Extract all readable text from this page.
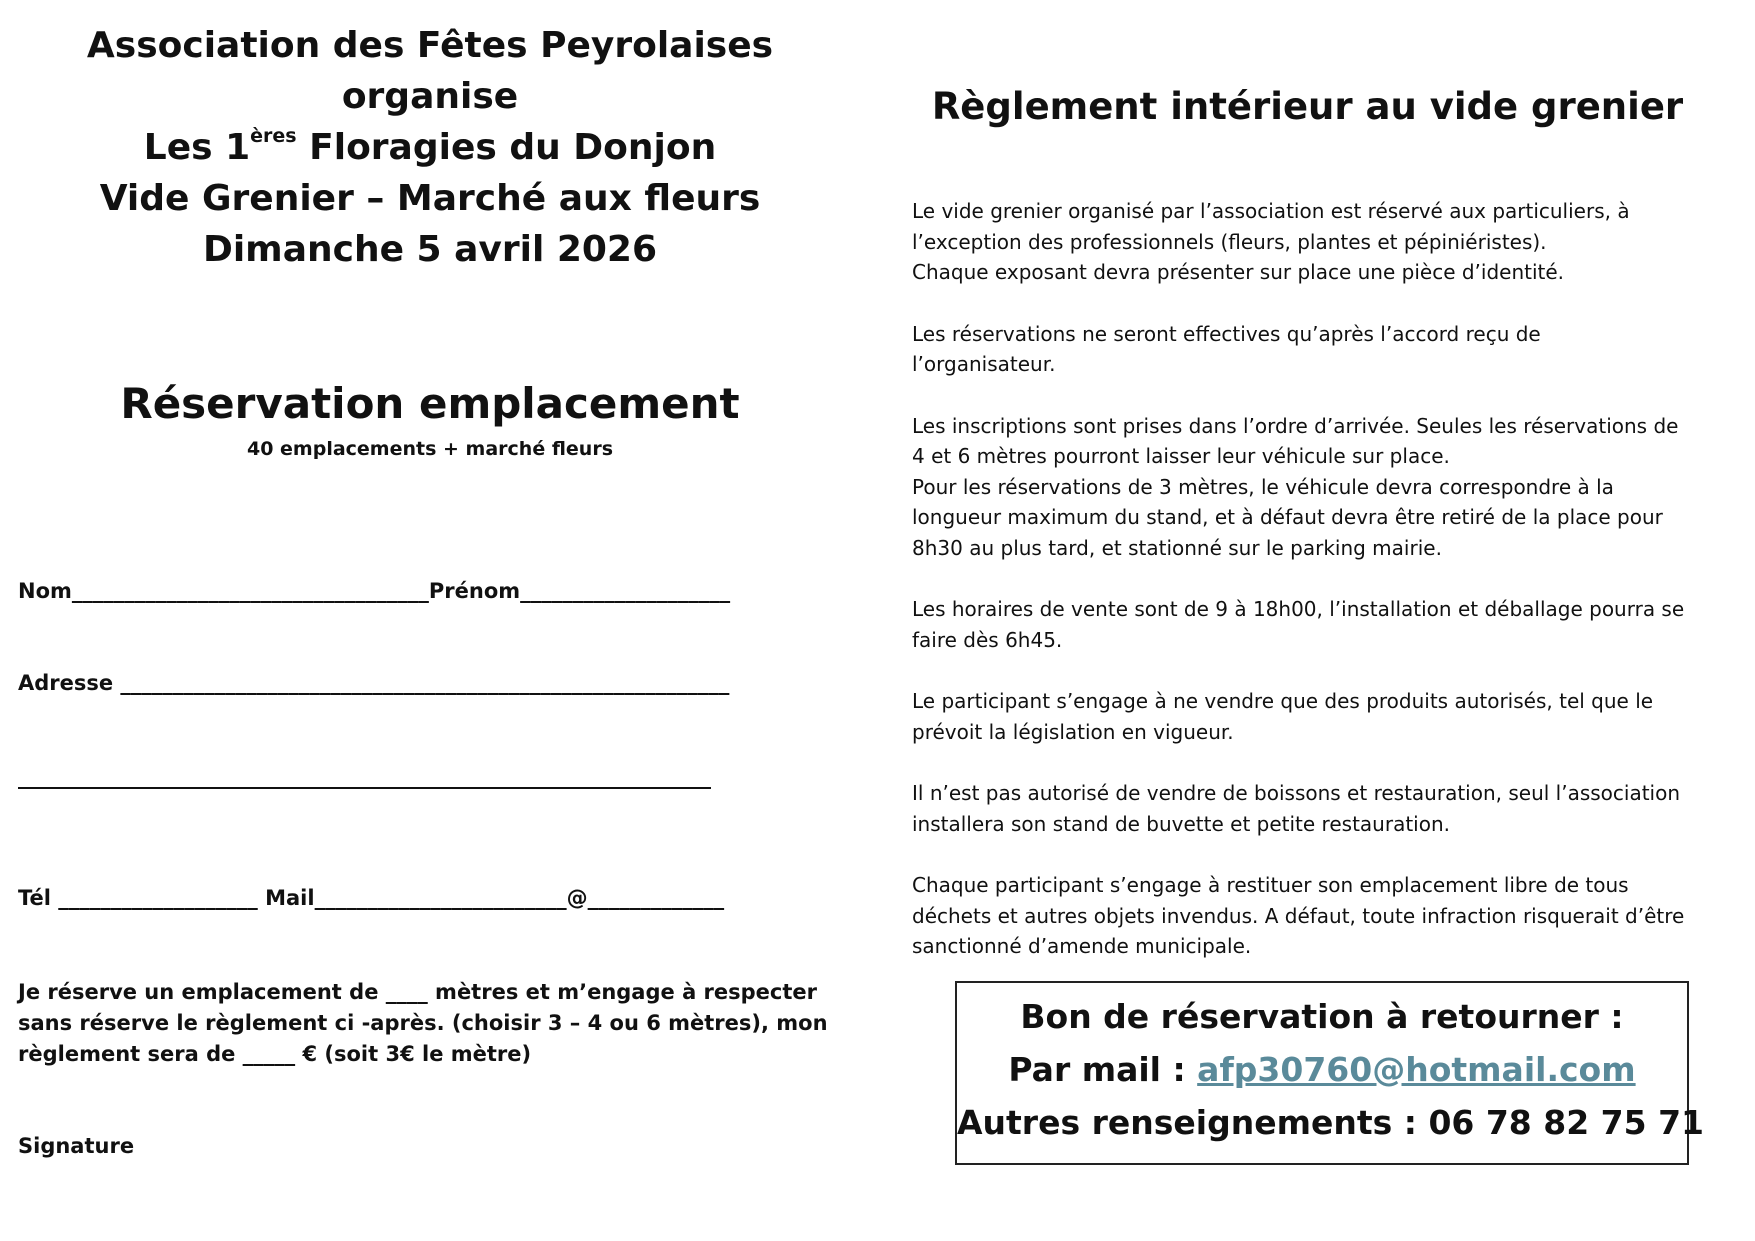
Association des Fêtes Peyrolaises
organise
Les 1ères Floragies du Donjon
Vide Grenier – Marché aux fleurs
Dimanche 5 avril 2026
Réservation emplacement
40 emplacements + marché fleurs
Nom__________________________________Prénom____________________
Adresse __________________________________________________________
__________________________________________________________________
Tél ___________________ Mail________________________@_____________
Je réserve un emplacement de ____ mètres et m’engage à respecter
sans réserve le règlement ci -après. (choisir 3 – 4 ou 6 mètres), mon
règlement sera de _____ € (soit 3€ le mètre)
Signature
Règlement intérieur au vide grenier

Le vide grenier organisé par l’association est réservé aux particuliers, à
l’exception des professionnels (fleurs, plantes et pépiniéristes).
Chaque exposant devra présenter sur place une pièce d’identité.

Les réservations ne seront effectives qu’après l’accord reçu de
l’organisateur.

Les inscriptions sont prises dans l’ordre d’arrivée. Seules les réservations de
4 et 6 mètres pourront laisser leur véhicule sur place.
Pour les réservations de 3 mètres, le véhicule devra correspondre à la
longueur maximum du stand, et à défaut devra être retiré de la place pour
8h30 au plus tard, et stationné sur le parking mairie.

Les horaires de vente sont de 9 à 18h00, l’installation et déballage pourra se
faire dès 6h45.

Le participant s’engage à ne vendre que des produits autorisés, tel que le
prévoit la législation en vigueur.

Il n’est pas autorisé de vendre de boissons et restauration, seul l’association
installera son stand de buvette et petite restauration.

Chaque participant s’engage à restituer son emplacement libre de tous
déchets et autres objets invendus. A défaut, toute infraction risquerait d’être
sanctionné d’amende municipale.

Bon de réservation à retourner :
Par mail : afp30760@hotmail.com
Autres renseignements : 06 78 82 75 71
